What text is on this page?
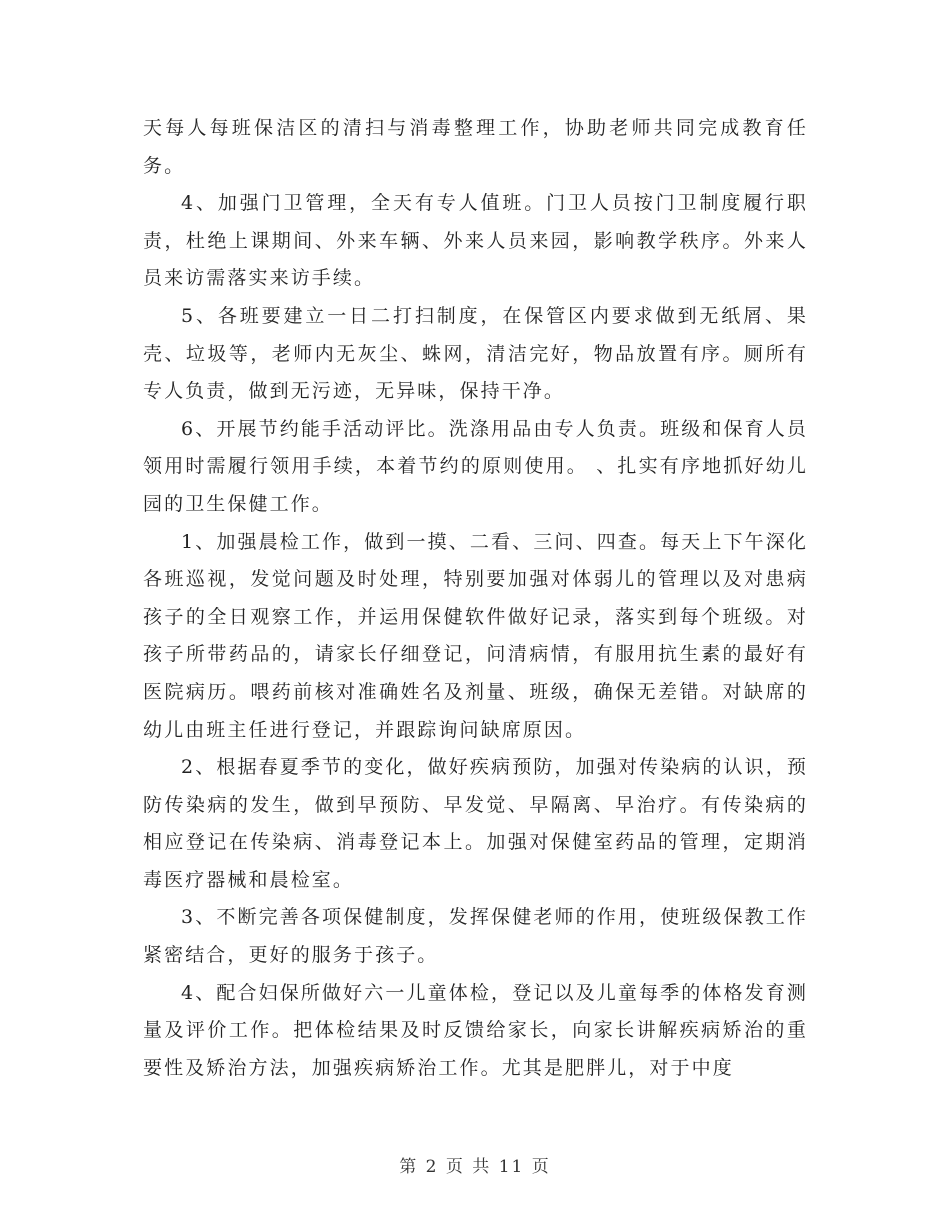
天每人每班保洁区的清扫与消毒整理工作，协助老师共同完成教育任务。

4、加强门卫管理，全天有专人值班。门卫人员按门卫制度履行职责，杜绝上课期间、外来车辆、外来人员来园，影响教学秩序。外来人员来访需落实来访手续。

5、各班要建立一日二打扫制度，在保管区内要求做到无纸屑、果壳、垃圾等，老师内无灰尘、蛛网，清洁完好，物品放置有序。厕所有专人负责，做到无污迹，无异味，保持干净。

6、开展节约能手活动评比。洗涤用品由专人负责。班级和保育人员领用时需履行领用手续，本着节约的原则使用。 、扎实有序地抓好幼儿园的卫生保健工作。

1、加强晨检工作，做到一摸、二看、三问、四查。每天上下午深化各班巡视，发觉问题及时处理，特别要加强对体弱儿的管理以及对患病孩子的全日观察工作，并运用保健软件做好记录，落实到每个班级。对孩子所带药品的，请家长仔细登记，问清病情，有服用抗生素的最好有医院病历。喂药前核对准确姓名及剂量、班级，确保无差错。对缺席的幼儿由班主任进行登记，并跟踪询问缺席原因。

2、根据春夏季节的变化，做好疾病预防，加强对传染病的认识，预防传染病的发生，做到早预防、早发觉、早隔离、早治疗。有传染病的相应登记在传染病、消毒登记本上。加强对保健室药品的管理，定期消毒医疗器械和晨检室。

3、不断完善各项保健制度，发挥保健老师的作用，使班级保教工作紧密结合，更好的服务于孩子。

4、配合妇保所做好六一儿童体检，登记以及儿童每季的体格发育测量及评价工作。把体检结果及时反馈给家长，向家长讲解疾病矫治的重要性及矫治方法，加强疾病矫治工作。尤其是肥胖儿，对于中度

第 2 页 共 11 页
